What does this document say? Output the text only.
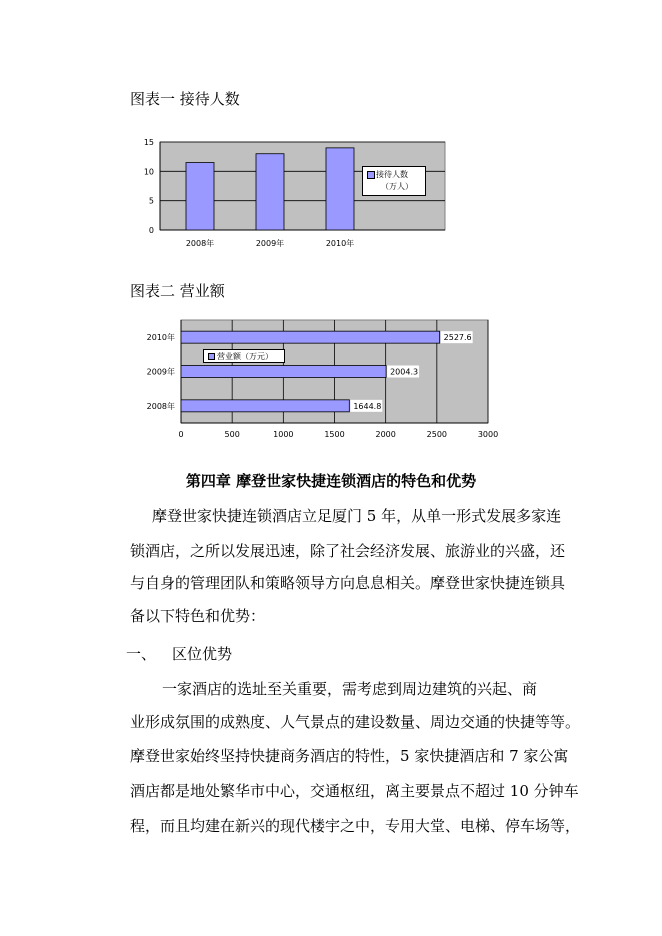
图表一 接待人数
0
5
10
15
2008年	2009年	2010年
接待人数
（万人）
图表二 营业额
0	500	1000	1500	2000	2500	3000
2010年	2527.6
2009年	2004.3
2008年	1644.8
营业额（万元）
第四章 摩登世家快捷连锁酒店的特色和优势
摩登世家快捷连锁酒店立足厦门 5 年，从单一形式发展多家连
锁酒店，之所以发展迅速，除了社会经济发展、旅游业的兴盛，还
与自身的管理团队和策略领导方向息息相关。摩登世家快捷连锁具
备以下特色和优势：
一、 区位优势
一家酒店的选址至关重要，需考虑到周边建筑的兴起、商
业形成氛围的成熟度、人气景点的建设数量、周边交通的快捷等等。
摩登世家始终坚持快捷商务酒店的特性，5 家快捷酒店和 7 家公寓
酒店都是地处繁华市中心，交通枢纽，离主要景点不超过 10 分钟车
程，而且均建在新兴的现代楼宇之中，专用大堂、电梯、停车场等，
